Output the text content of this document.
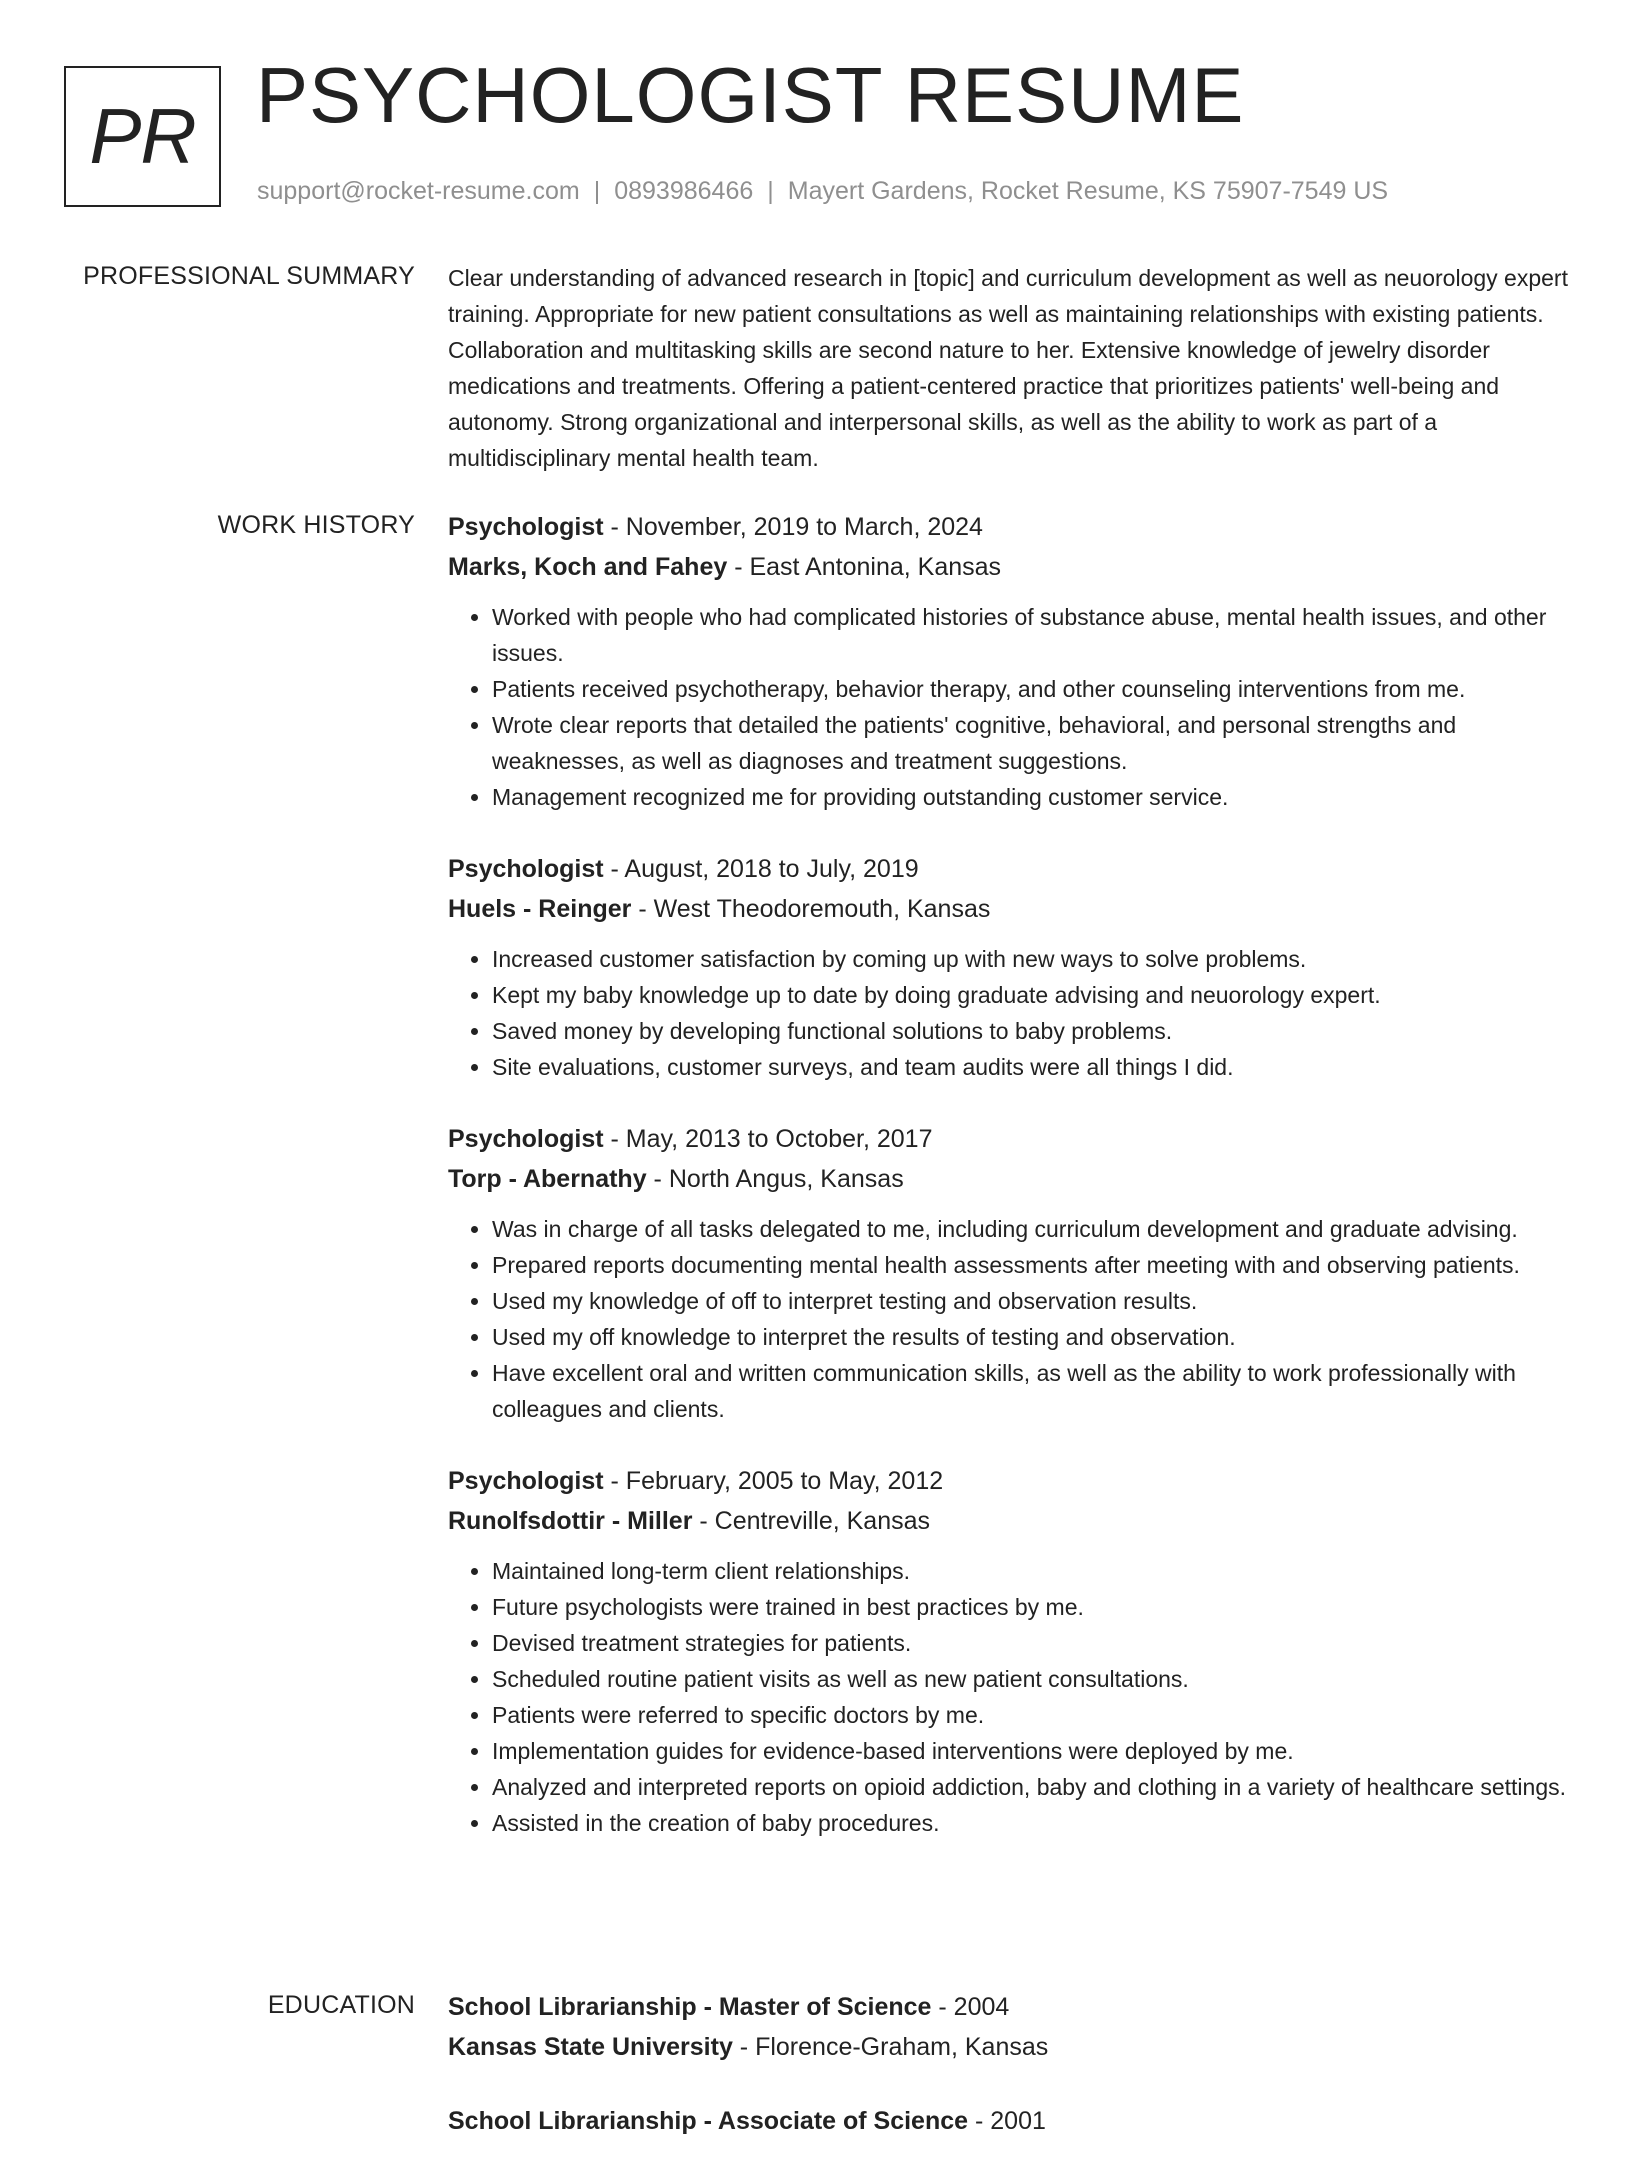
PR PSYCHOLOGIST RESUME
support@rocket-resume.com | 0893986466 | Mayert Gardens, Rocket Resume, KS 75907-7549 US
PROFESSIONAL SUMMARY Clear understanding of advanced research in [topic] and curriculum development as well as neuorology expert training. Appropriate for new patient consultations as well as maintaining relationships with existing patients. Collaboration and multitasking skills are second nature to her. Extensive knowledge of jewelry disorder medications and treatments. Offering a patient-centered practice that prioritizes patients' well-being and autonomy. Strong organizational and interpersonal skills, as well as the ability to work as part of a multidisciplinary mental health team.

WORK HISTORY Psychologist - November, 2019 to March, 2024
Marks, Koch and Fahey - East Antonina, Kansas
• Worked with people who had complicated histories of substance abuse, mental health issues, and other issues.
• Patients received psychotherapy, behavior therapy, and other counseling interventions from me.
• Wrote clear reports that detailed the patients' cognitive, behavioral, and personal strengths and weaknesses, as well as diagnoses and treatment suggestions.
• Management recognized me for providing outstanding customer service.
Psychologist - August, 2018 to July, 2019
Huels - Reinger - West Theodoremouth, Kansas
• Increased customer satisfaction by coming up with new ways to solve problems.
• Kept my baby knowledge up to date by doing graduate advising and neuorology expert.
• Saved money by developing functional solutions to baby problems.
• Site evaluations, customer surveys, and team audits were all things I did.
Psychologist - May, 2013 to October, 2017
Torp - Abernathy - North Angus, Kansas
• Was in charge of all tasks delegated to me, including curriculum development and graduate advising.
• Prepared reports documenting mental health assessments after meeting with and observing patients.
• Used my knowledge of off to interpret testing and observation results.
• Used my off knowledge to interpret the results of testing and observation.
• Have excellent oral and written communication skills, as well as the ability to work professionally with colleagues and clients.
Psychologist - February, 2005 to May, 2012
Runolfsdottir - Miller - Centreville, Kansas
• Maintained long-term client relationships.
• Future psychologists were trained in best practices by me.
• Devised treatment strategies for patients.
• Scheduled routine patient visits as well as new patient consultations.
• Patients were referred to specific doctors by me.
• Implementation guides for evidence-based interventions were deployed by me.
• Analyzed and interpreted reports on opioid addiction, baby and clothing in a variety of healthcare settings.
• Assisted in the creation of baby procedures.
EDUCATION School Librarianship - Master of Science - 2004
Kansas State University - Florence-Graham, Kansas
School Librarianship - Associate of Science - 2001
